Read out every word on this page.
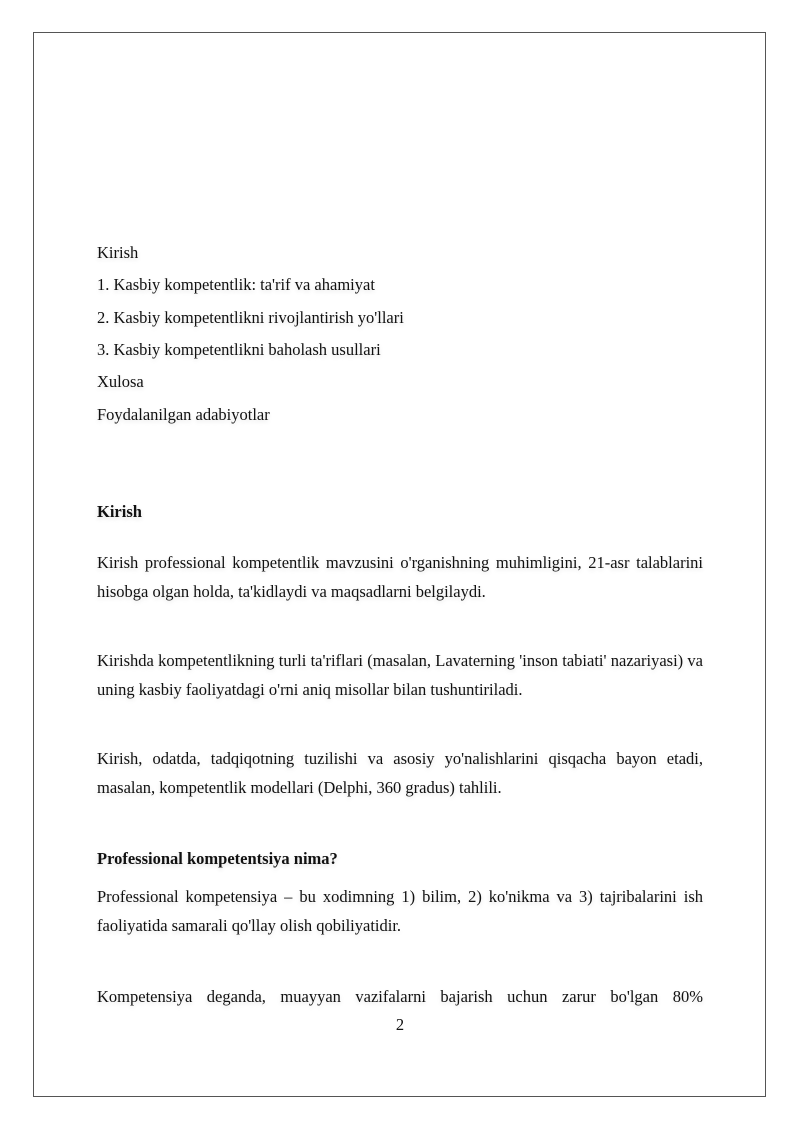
Kirish
1. Kasbiy kompetentlik: ta'rif va ahamiyat
2. Kasbiy kompetentlikni rivojlantirish yo'llari
3. Kasbiy kompetentlikni baholash usullari
Xulosa
Foydalanilgan adabiyotlar
Kirish
Kirish professional kompetentlik mavzusini o'rganishning muhimligini, 21-asr talablarini hisobga olgan holda, ta'kidlaydi va maqsadlarni belgilaydi.
Kirishda kompetentlikning turli ta'riflari (masalan, Lavaterning 'inson tabiati' nazariyasi) va uning kasbiy faoliyatdagi o'rni aniq misollar bilan tushuntiriladi.
Kirish, odatda, tadqiqotning tuzilishi va asosiy yo'nalishlarini qisqacha bayon etadi, masalan, kompetentlik modellari (Delphi, 360 gradus) tahlili.
Professional kompetentsiya nima?
Professional kompetensiya – bu xodimning 1) bilim, 2) ko'nikma va 3) tajribalarini ish faoliyatida samarali qo'llay olish qobiliyatidir.
Kompetensiya deganda, muayyan vazifalarni bajarish uchun zarur bo'lgan 80%
2
